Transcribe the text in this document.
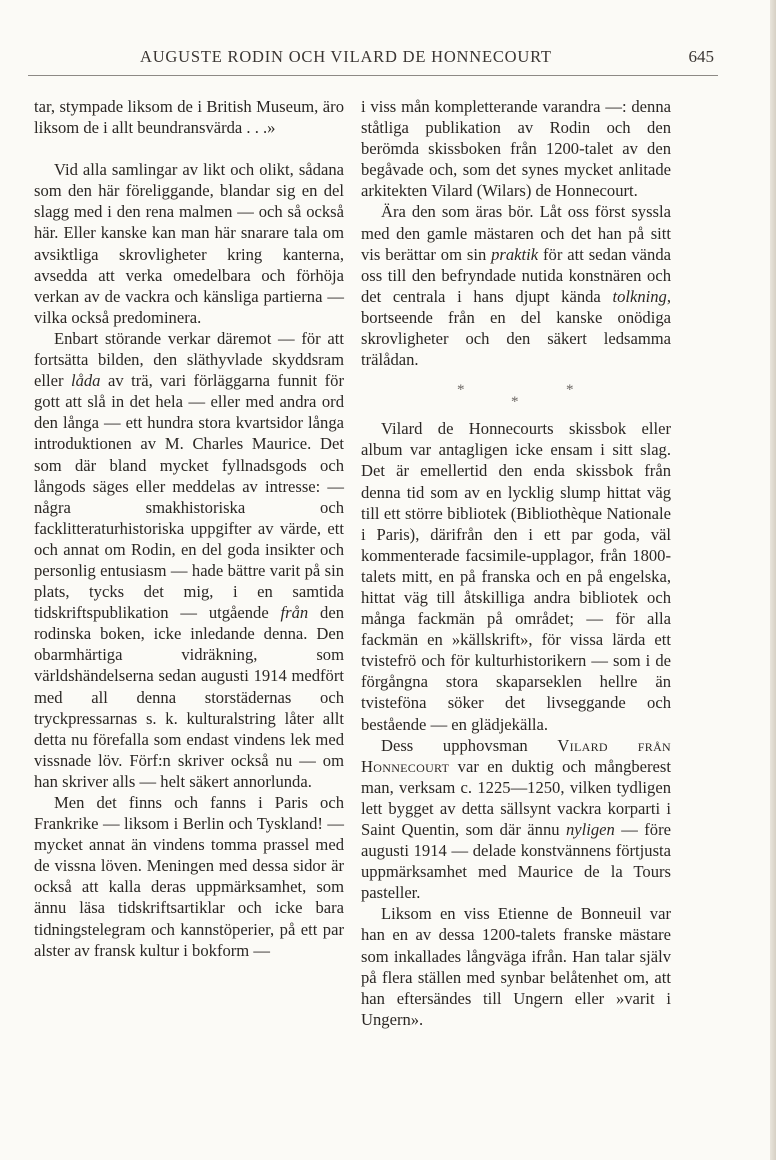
AUGUSTE RODIN OCH VILARD DE HONNECOURT	645

tar, stympade liksom de i British Museum, äro liksom de i allt beundransvärda . . .»

Vid alla samlingar av likt och olikt, sådana som den här föreliggande, blandar sig en del slagg med i den rena malmen — och så också här. Eller kanske kan man här snarare tala om avsiktliga skrovligheter kring kanterna, avsedda att verka omedelbara och förhöja verkan av de vackra och känsliga partierna — vilka också predominera.

Enbart störande verkar däremot — för att fortsätta bilden, den släthyvlade skyddsram eller låda av trä, vari förläggarna funnit för gott att slå in det hela — eller med andra ord den långa — ett hundra stora kvartsidor långa introduktionen av M. Charles Maurice. Det som där bland mycket fyllnadsgods och långods säges eller meddelas av intresse: — några smakhistoriska och facklitteraturhistoriska uppgifter av värde, ett och annat om Rodin, en del goda insikter och personlig entusiasm — hade bättre varit på sin plats, tycks det mig, i en samtida tidskriftspublikation — utgående från den rodinska boken, icke inledande denna. Den obarmhärtiga vidräkning, som världshändelserna sedan augusti 1914 medfört med all denna storstädernas och tryckpressarnas s. k. kulturalstring låter allt detta nu förefalla som endast vindens lek med vissnade löv. Förf:n skriver också nu — om han skriver alls — helt säkert annorlunda.

Men det finns och fanns i Paris och Frankrike — liksom i Berlin och Tyskland! — mycket annat än vindens tomma prassel med de vissna löven. Meningen med dessa sidor är också att kalla deras uppmärksamhet, som ännu läsa tidskriftsartiklar och icke bara tidningstelegram och kannstöperier, på ett par alster av fransk kultur i bokform —

i viss mån kompletterande varandra —: denna ståtliga publikation av Rodin och den berömda skissboken från 1200-talet av den begåvade och, som det synes mycket anlitade arkitekten Vilard (Wilars) de Honnecourt.

Ära den som äras bör. Låt oss först syssla med den gamle mästaren och det han på sitt vis berättar om sin praktik för att sedan vända oss till den befryndade nutida konstnären och det centrala i hans djupt kända tolkning, bortseende från en del kanske onödiga skrovligheter och den säkert ledsamma trälådan.

*
*
*

Vilard de Honnecourts skissbok eller album var antagligen icke ensam i sitt slag. Det är emellertid den enda skissbok från denna tid som av en lycklig slump hittat väg till ett större bibliotek (Bibliothèque Nationale i Paris), därifrån den i ett par goda, väl kommenterade facsimile-upplagor, från 1800-talets mitt, en på franska och en på engelska, hittat väg till åtskilliga andra bibliotek och många fackmän på området; — för alla fackmän en »källskrift», för vissa lärda ett tvistefrö och för kulturhistorikern — som i de förgångna stora skaparseklen hellre än tvisteföna söker det livseggande och bestående — en glädjekälla.

Dess upphovsman Vilard från Honnecourt var en duktig och mångberest man, verksam c. 1225—1250, vilken tydligen lett bygget av detta sällsynt vackra korparti i Saint Quentin, som där ännu nyligen — före augusti 1914 — delade konstvännens förtjusta uppmärksamhet med Maurice de la Tours pasteller.

Liksom en viss Etienne de Bonneuil var han en av dessa 1200-talets franske mästare som inkallades långväga ifrån. Han talar själv på flera ställen med synbar belåtenhet om, att han eftersändes till Ungern eller »varit i Ungern».
